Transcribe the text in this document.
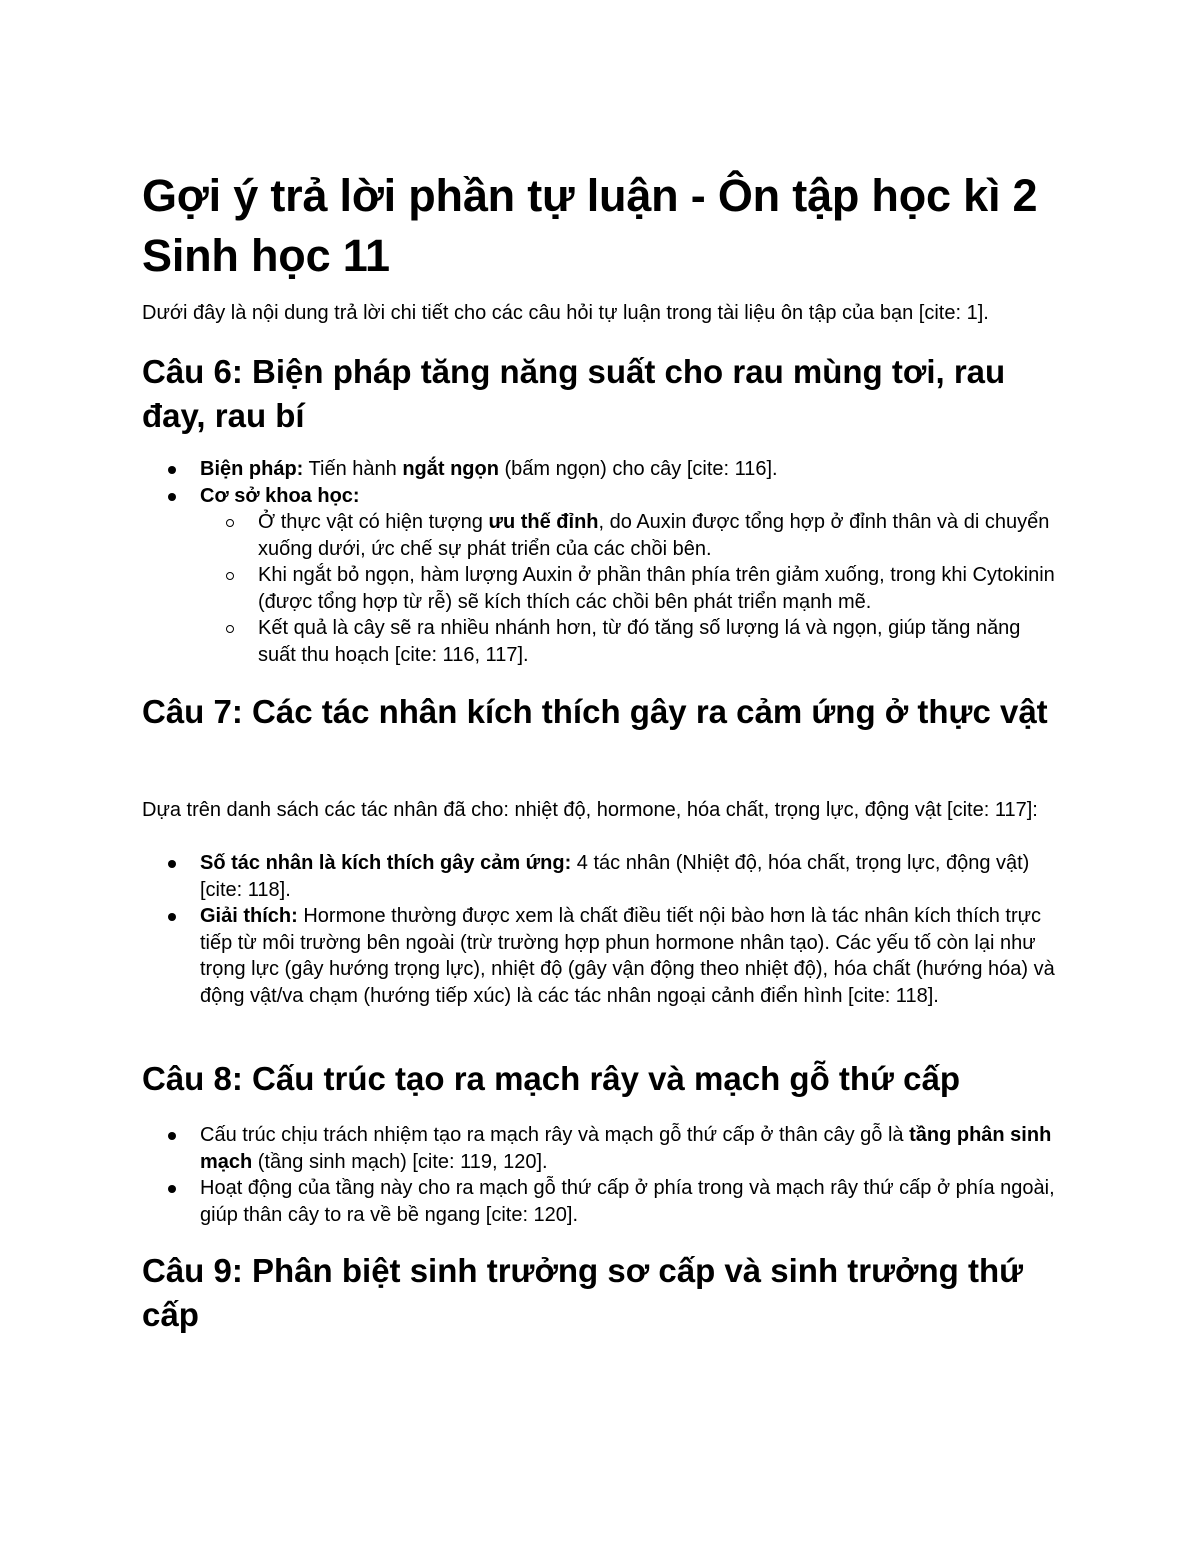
Gợi ý trả lời phần tự luận - Ôn tập học kì 2 Sinh học 11

Dưới đây là nội dung trả lời chi tiết cho các câu hỏi tự luận trong tài liệu ôn tập của bạn [cite: 1].

Câu 6: Biện pháp tăng năng suất cho rau mùng tơi, rau đay, rau bí
Biện pháp: Tiến hành ngắt ngọn (bấm ngọn) cho cây [cite: 116].
Cơ sở khoa học:
Ở thực vật có hiện tượng ưu thế đỉnh, do Auxin được tổng hợp ở đỉnh thân và di chuyển xuống dưới, ức chế sự phát triển của các chồi bên.
Khi ngắt bỏ ngọn, hàm lượng Auxin ở phần thân phía trên giảm xuống, trong khi Cytokinin (được tổng hợp từ rễ) sẽ kích thích các chồi bên phát triển mạnh mẽ.
Kết quả là cây sẽ ra nhiều nhánh hơn, từ đó tăng số lượng lá và ngọn, giúp tăng năng suất thu hoạch [cite: 116, 117].
Câu 7: Các tác nhân kích thích gây ra cảm ứng ở thực vật

Dựa trên danh sách các tác nhân đã cho: nhiệt độ, hormone, hóa chất, trọng lực, động vật [cite: 117]:

Số tác nhân là kích thích gây cảm ứng: 4 tác nhân (Nhiệt độ, hóa chất, trọng lực, động vật) [cite: 118].
Giải thích: Hormone thường được xem là chất điều tiết nội bào hơn là tác nhân kích thích trực tiếp từ môi trường bên ngoài (trừ trường hợp phun hormone nhân tạo). Các yếu tố còn lại như trọng lực (gây hướng trọng lực), nhiệt độ (gây vận động theo nhiệt độ), hóa chất (hướng hóa) và động vật/va chạm (hướng tiếp xúc) là các tác nhân ngoại cảnh điển hình [cite: 118].
Câu 8: Cấu trúc tạo ra mạch rây và mạch gỗ thứ cấp
Cấu trúc chịu trách nhiệm tạo ra mạch rây và mạch gỗ thứ cấp ở thân cây gỗ là tầng phân sinh mạch (tầng sinh mạch) [cite: 119, 120].
Hoạt động của tầng này cho ra mạch gỗ thứ cấp ở phía trong và mạch rây thứ cấp ở phía ngoài, giúp thân cây to ra về bề ngang [cite: 120].
Câu 9: Phân biệt sinh trưởng sơ cấp và sinh trưởng thứ cấp
